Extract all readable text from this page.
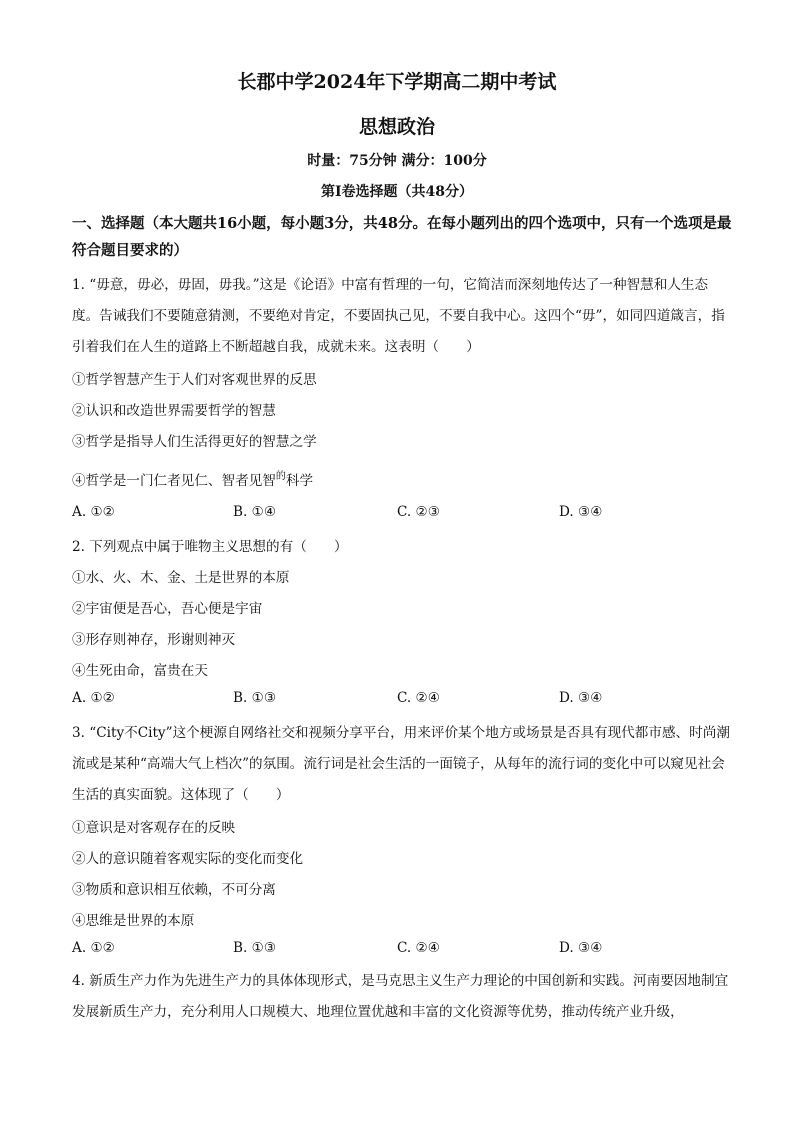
长郡中学2024年下学期高二期中考试
思想政治
时量：75分钟 满分：100分
第Ⅰ卷选择题（共48分）
一、选择题（本大题共16小题，每小题3分，共48分。在每小题列出的四个选项中，只有一个选项是最符合题目要求的）
1. “毋意，毋必，毋固，毋我。”这是《论语》中富有哲理的一句，它简洁而深刻地传达了一种智慧和人生态度。告诫我们不要随意猜测，不要绝对肯定，不要固执己见，不要自我中心。这四个“毋”，如同四道箴言，指引着我们在人生的道路上不断超越自我，成就未来。这表明（　　）
①哲学智慧产生于人们对客观世界的反思
②认识和改造世界需要哲学的智慧
③哲学是指导人们生活得更好的智慧之学
④哲学是一门仁者见仁、智者见智$^的$科学
A. ①②	B. ①④	C. ②③	D. ③④
2. 下列观点中属于唯物主义思想的有（　　）
①水、火、木、金、土是世界的本原
②宇宙便是吾心，吾心便是宇宙
③形存则神存，形谢则神灭
④生死由命，富贵在天
A. ①②	B. ①③	C. ②④	D. ③④
3. “City不City”这个梗源自网络社交和视频分享平台，用来评价某个地方或场景是否具有现代都市感、时尚潮流或是某种“高端大气上档次”的氛围。流行词是社会生活的一面镜子，从每年的流行词的变化中可以窥见社会生活的真实面貌。这体现了（　　）
①意识是对客观存在的反映
②人的意识随着客观实际的变化而变化
③物质和意识相互依赖，不可分离
④思维是世界的本原
A. ①②	B. ①③	C. ②④	D. ③④
4. 新质生产力作为先进生产力的具体体现形式，是马克思主义生产力理论的中国创新和实践。河南要因地制宜发展新质生产力，充分利用人口规模大、地理位置优越和丰富的文化资源等优势，推动传统产业升级，
